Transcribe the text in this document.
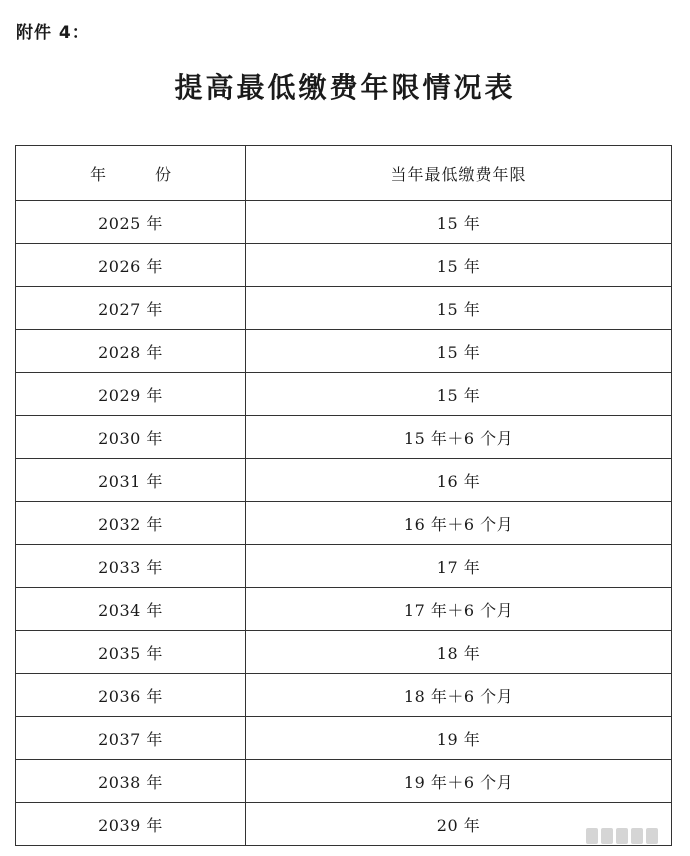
附件 4：
提高最低缴费年限情况表
年 份	当年最低缴费年限
2025 年	15 年
2026 年	15 年
2027 年	15 年
2028 年	15 年
2029 年	15 年
2030 年	15 年＋6 个月
2031 年	16 年
2032 年	16 年＋6 个月
2033 年	17 年
2034 年	17 年＋6 个月
2035 年	18 年
2036 年	18 年＋6 个月
2037 年	19 年
2038 年	19 年＋6 个月
2039 年	20 年
